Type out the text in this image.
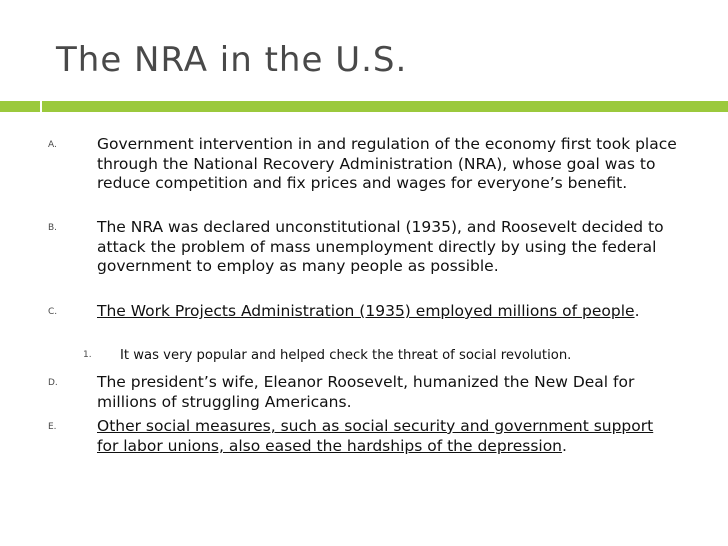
The NRA in the U.S.
A.	Government intervention in and regulation of the economy first took place through the National Recovery Administration (NRA), whose goal was to reduce competition and fix prices and wages for everyone’s benefit.
B.	The NRA was declared unconstitutional (1935), and Roosevelt decided to attack the problem of mass unemployment directly by using the federal government to employ as many people as possible.
C.	The Work Projects Administration (1935) employed millions of people.
1. It was very popular and helped check the threat of social revolution.
D.	The president’s wife, Eleanor Roosevelt, humanized the New Deal for millions of struggling Americans.
E.	Other social measures, such as social security and government support for labor unions, also eased the hardships of the depression.
